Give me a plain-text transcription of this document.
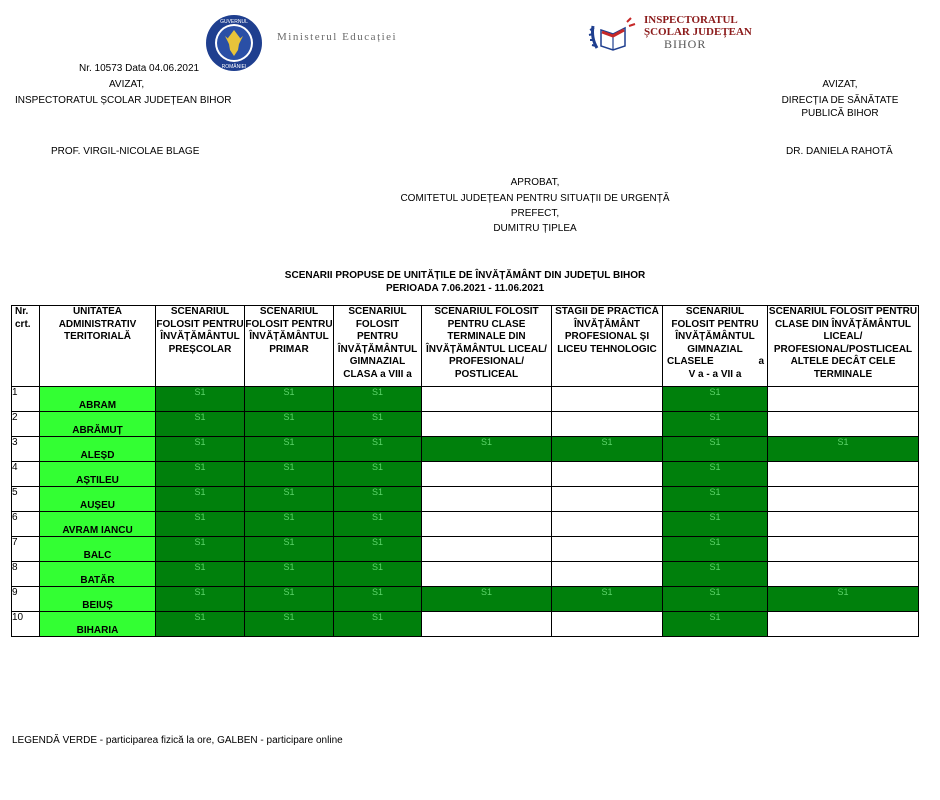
GUVERNUL
ROMÂNIEI
Ministerul Educației
INSPECTORATUL
ȘCOLAR JUDEȚEAN
BIHOR
Nr. 10573 Data 04.06.2021
AVIZAT,
INSPECTORATUL ȘCOLAR JUDEȚEAN BIHOR
PROF. VIRGIL-NICOLAE BLAGE
AVIZAT,
DIRECȚIA DE SĂNĂTATE
PUBLICĂ BIHOR
DR. DANIELA RAHOTĂ
APROBAT,
COMITETUL JUDEȚEAN PENTRU SITUAȚII DE URGENȚĂ
PREFECT,
DUMITRU ȚIPLEA
SCENARII PROPUSE DE UNITĂȚILE DE ÎNVĂȚĂMÂNT DIN JUDEȚUL BIHOR
PERIOADA 7.06.2021 - 11.06.2021
Nr. crt.	UNITATEA ADMINISTRATIV TERITORIALĂ	SCENARIUL FOLOSIT PENTRU ÎNVĂȚĂMÂNTUL PREȘCOLAR	SCENARIUL FOLOSIT PENTRU ÎNVĂȚĂMÂNTUL PRIMAR	SCENARIUL FOLOSIT PENTRU ÎNVĂȚĂMÂNTUL GIMNAZIAL CLASA a VIII a	SCENARIUL FOLOSIT PENTRU CLASE TERMINALE DIN ÎNVĂȚĂMÂNTUL LICEAL/ PROFESIONAL/ POSTLICEAL	STAGII DE PRACTICĂ ÎNVĂȚĂMÂNT PROFESIONAL ȘI LICEU TEHNOLOGIC	SCENARIUL FOLOSIT PENTRU ÎNVĂȚĂMÂNTUL GIMNAZIAL
CLASELE a
V a - a VII a	SCENARIUL FOLOSIT PENTRU CLASE DIN ÎNVĂȚĂMÂNTUL LICEAL/ PROFESIONAL/POSTLICEAL ALTELE DECÂT CELE TERMINALE
1	ABRAM	S1	S1	S1			S1	
2	ABRĂMUȚ	S1	S1	S1			S1	
3	ALEȘD	S1	S1	S1	S1	S1	S1	S1
4	AȘTILEU	S1	S1	S1			S1	
5	AUȘEU	S1	S1	S1			S1	
6	AVRAM IANCU	S1	S1	S1			S1	
7	BALC	S1	S1	S1			S1	
8	BATĂR	S1	S1	S1			S1	
9	BEIUȘ	S1	S1	S1	S1	S1	S1	S1
10	BIHARIA	S1	S1	S1			S1	
LEGENDĂ VERDE - participarea fizică la ore, GALBEN - participare online
